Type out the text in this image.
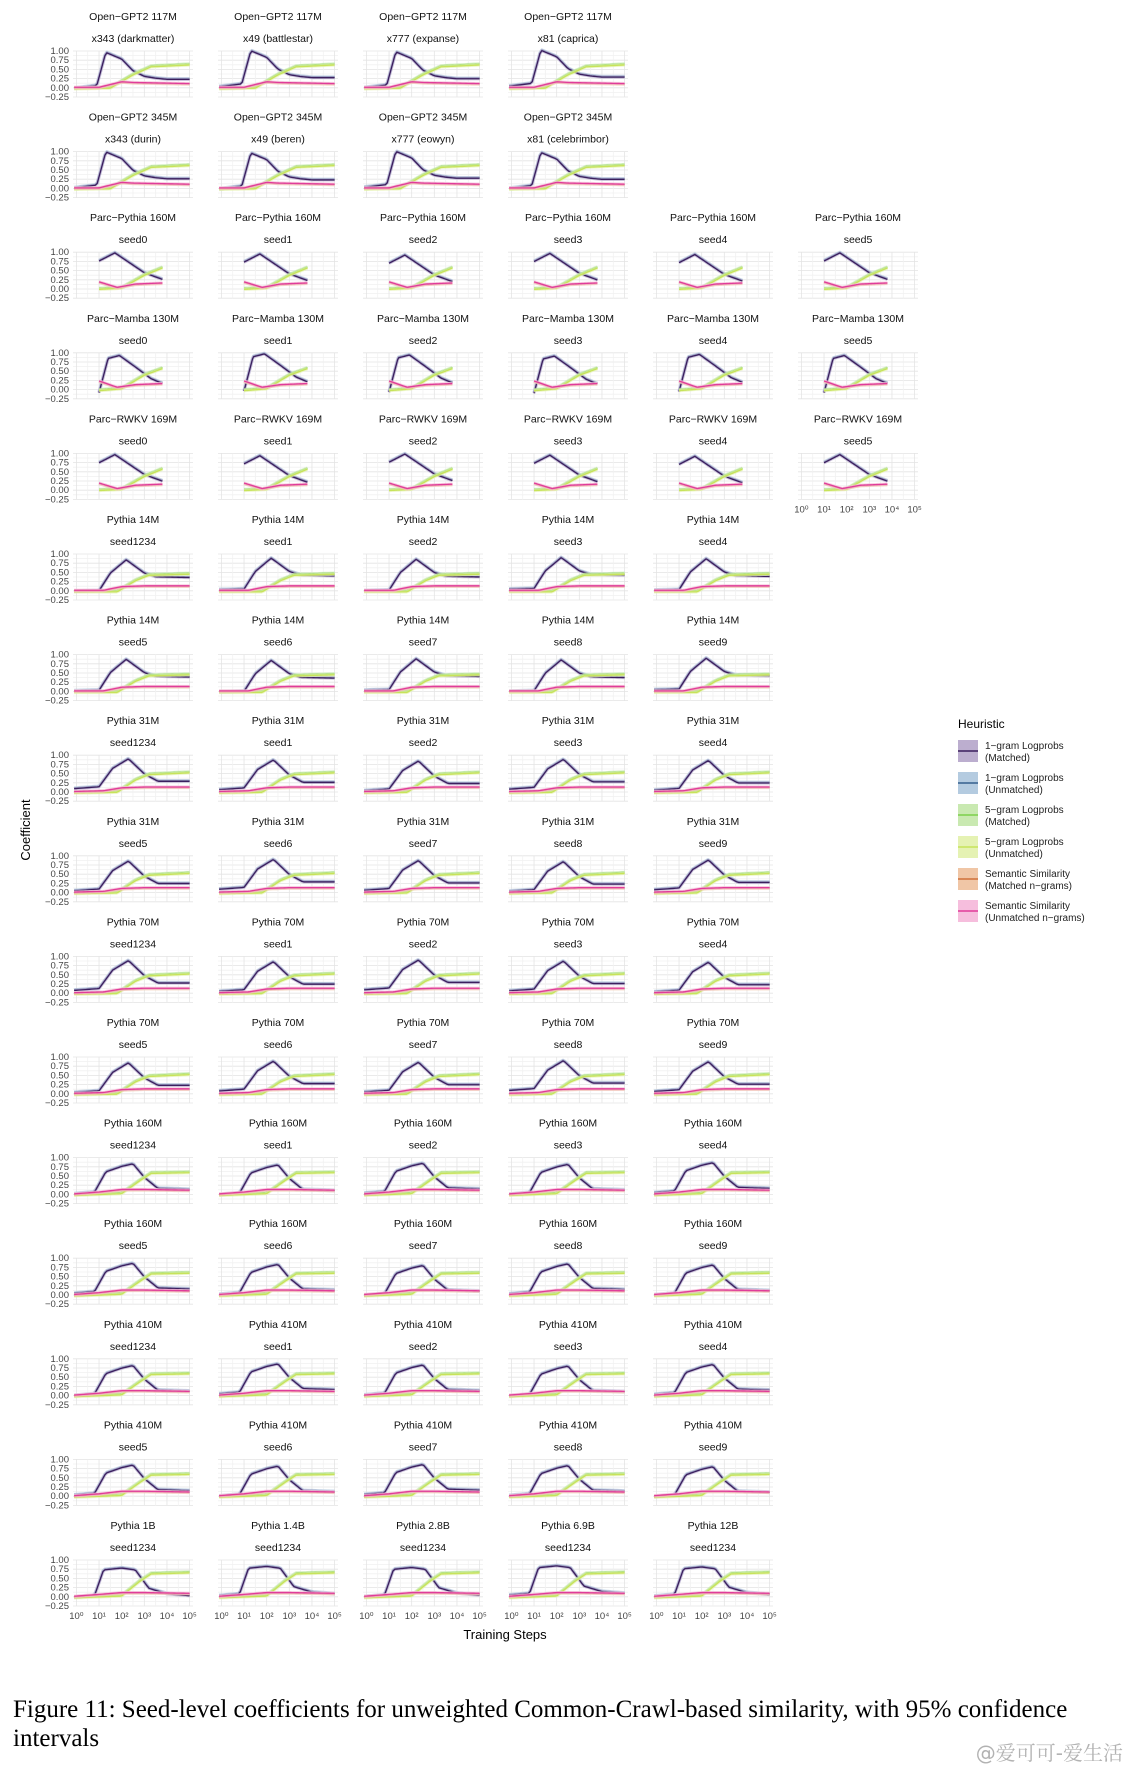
Open−GPT2 117M
x343 (darkmatter)
1.00
0.75
0.50
0.25
0.00
−0.25
Open−GPT2 117M
x49 (battlestar)
Open−GPT2 117M
x777 (expanse)
Open−GPT2 117M
x81 (caprica)
Open−GPT2 345M
x343 (durin)
1.00
0.75
0.50
0.25
0.00
−0.25
Open−GPT2 345M
x49 (beren)
Open−GPT2 345M
x777 (eowyn)
Open−GPT2 345M
x81 (celebrimbor)
Parc−Pythia 160M
seed0
1.00
0.75
0.50
0.25
0.00
−0.25
Parc−Pythia 160M
seed1
Parc−Pythia 160M
seed2
Parc−Pythia 160M
seed3
Parc−Pythia 160M
seed4
Parc−Pythia 160M
seed5
Parc−Mamba 130M
seed0
1.00
0.75
0.50
0.25
0.00
−0.25
Parc−Mamba 130M
seed1
Parc−Mamba 130M
seed2
Parc−Mamba 130M
seed3
Parc−Mamba 130M
seed4
Parc−Mamba 130M
seed5
Parc−RWKV 169M
seed0
1.00
0.75
0.50
0.25
0.00
−0.25
Parc−RWKV 169M
seed1
Parc−RWKV 169M
seed2
Parc−RWKV 169M
seed3
Parc−RWKV 169M
seed4
Parc−RWKV 169M
seed5
10⁰ 10¹ 10² 10³ 10⁴ 10⁵
Pythia 14M
seed1234
1.00
0.75
0.50
0.25
0.00
−0.25
Pythia 14M
seed1
Pythia 14M
seed2
Pythia 14M
seed3
Pythia 14M
seed4
Pythia 14M
seed5
1.00
0.75
0.50
0.25
0.00
−0.25
Pythia 14M
seed6
Pythia 14M
seed7
Pythia 14M
seed8
Pythia 14M
seed9
Pythia 31M
seed1234
1.00
0.75
0.50
0.25
0.00
−0.25
Pythia 31M
seed1
Pythia 31M
seed2
Pythia 31M
seed3
Pythia 31M
seed4
Pythia 31M
seed5
1.00
0.75
0.50
0.25
0.00
−0.25
Pythia 31M
seed6
Pythia 31M
seed7
Pythia 31M
seed8
Pythia 31M
seed9
Pythia 70M
seed1234
1.00
0.75
0.50
0.25
0.00
−0.25
Pythia 70M
seed1
Pythia 70M
seed2
Pythia 70M
seed3
Pythia 70M
seed4
Pythia 70M
seed5
1.00
0.75
0.50
0.25
0.00
−0.25
Pythia 70M
seed6
Pythia 70M
seed7
Pythia 70M
seed8
Pythia 70M
seed9
Pythia 160M
seed1234
1.00
0.75
0.50
0.25
0.00
−0.25
Pythia 160M
seed1
Pythia 160M
seed2
Pythia 160M
seed3
Pythia 160M
seed4
Pythia 160M
seed5
1.00
0.75
0.50
0.25
0.00
−0.25
Pythia 160M
seed6
Pythia 160M
seed7
Pythia 160M
seed8
Pythia 160M
seed9
Pythia 410M
seed1234
1.00
0.75
0.50
0.25
0.00
−0.25
Pythia 410M
seed1
Pythia 410M
seed2
Pythia 410M
seed3
Pythia 410M
seed4
Pythia 410M
seed5
1.00
0.75
0.50
0.25
0.00
−0.25
Pythia 410M
seed6
Pythia 410M
seed7
Pythia 410M
seed8
Pythia 410M
seed9
Pythia 1B
seed1234
1.00
0.75
0.50
0.25
0.00
−0.25
10⁰ 10¹ 10² 10³ 10⁴ 10⁵
Pythia 1.4B
seed1234
10⁰ 10¹ 10² 10³ 10⁴ 10⁵
Pythia 2.8B
seed1234
10⁰ 10¹ 10² 10³ 10⁴ 10⁵
Pythia 6.9B
seed1234
10⁰ 10¹ 10² 10³ 10⁴ 10⁵
Pythia 12B
seed1234
10⁰ 10¹ 10² 10³ 10⁴ 10⁵
Coefficient
Training Steps
Heuristic
1−gram Logprobs
(Matched)
1−gram Logprobs
(Unmatched)
5−gram Logprobs
(Matched)
5−gram Logprobs
(Unmatched)
Semantic Similarity
(Matched n−grams)
Semantic Similarity
(Unmatched n−grams)
Figure 11: Seed-level coefficients for unweighted Common-Crawl-based similarity, with 95% confidence intervals
@爱可可-爱生活
